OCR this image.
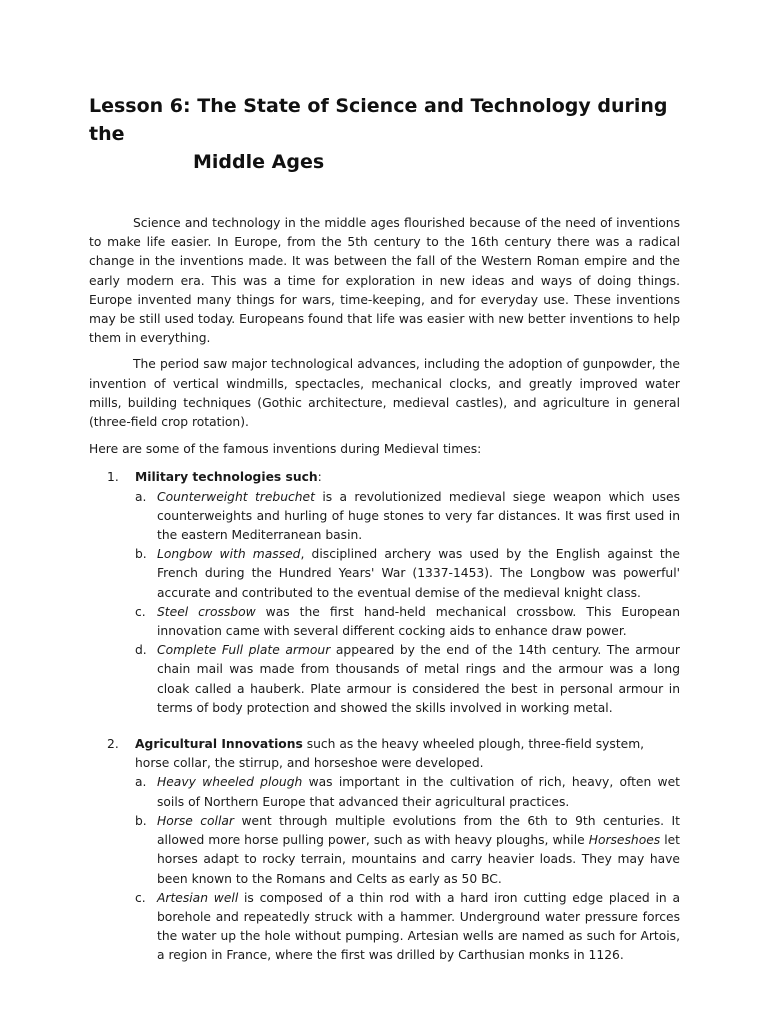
Lesson 6: The State of Science and Technology during the
Middle Ages

Science and technology in the middle ages flourished because of the need of inventions to make life easier. In Europe, from the 5th century to the 16th century there was a radical change in the inventions made. It was between the fall of the Western Roman empire and the early modern era. This was a time for exploration in new ideas and ways of doing things. Europe invented many things for wars, time-keeping, and for everyday use. These inventions may be still used today. Europeans found that life was easier with new better inventions to help them in everything.

The period saw major technological advances, including the adoption of gunpowder, the invention of vertical windmills, spectacles, mechanical clocks, and greatly improved water mills, building techniques (Gothic architecture, medieval castles), and agriculture in general (three-field crop rotation).

Here are some of the famous inventions during Medieval times:

1. Military technologies such:
a. Counterweight trebuchet is a revolutionized medieval siege weapon which uses counterweights and hurling of huge stones to very far distances. It was first used in the eastern Mediterranean basin.
b. Longbow with massed, disciplined archery was used by the English against the French during the Hundred Years' War (1337-1453). The Longbow was powerful' accurate and contributed to the eventual demise of the medieval knight class.
c. Steel crossbow was the first hand-held mechanical crossbow. This European innovation came with several different cocking aids to enhance draw power.
d. Complete Full plate armour appeared by the end of the 14th century. The armour chain mail was made from thousands of metal rings and the armour was a long cloak called a hauberk. Plate armour is considered the best in personal armour in terms of body protection and showed the skills involved in working metal.
2. Agricultural Innovations such as the heavy wheeled plough, three-field system, horse collar, the stirrup, and horseshoe were developed.
a. Heavy wheeled plough was important in the cultivation of rich, heavy, often wet soils of Northern Europe that advanced their agricultural practices.
b. Horse collar went through multiple evolutions from the 6th to 9th centuries. It allowed more horse pulling power, such as with heavy ploughs, while Horseshoes let horses adapt to rocky terrain, mountains and carry heavier loads. They may have been known to the Romans and Celts as early as 50 BC.
c. Artesian well is composed of a thin rod with a hard iron cutting edge placed in a borehole and repeatedly struck with a hammer. Underground water pressure forces the water up the hole without pumping. Artesian wells are named as such for Artois, a region in France, where the first was drilled by Carthusian monks in 1126.
